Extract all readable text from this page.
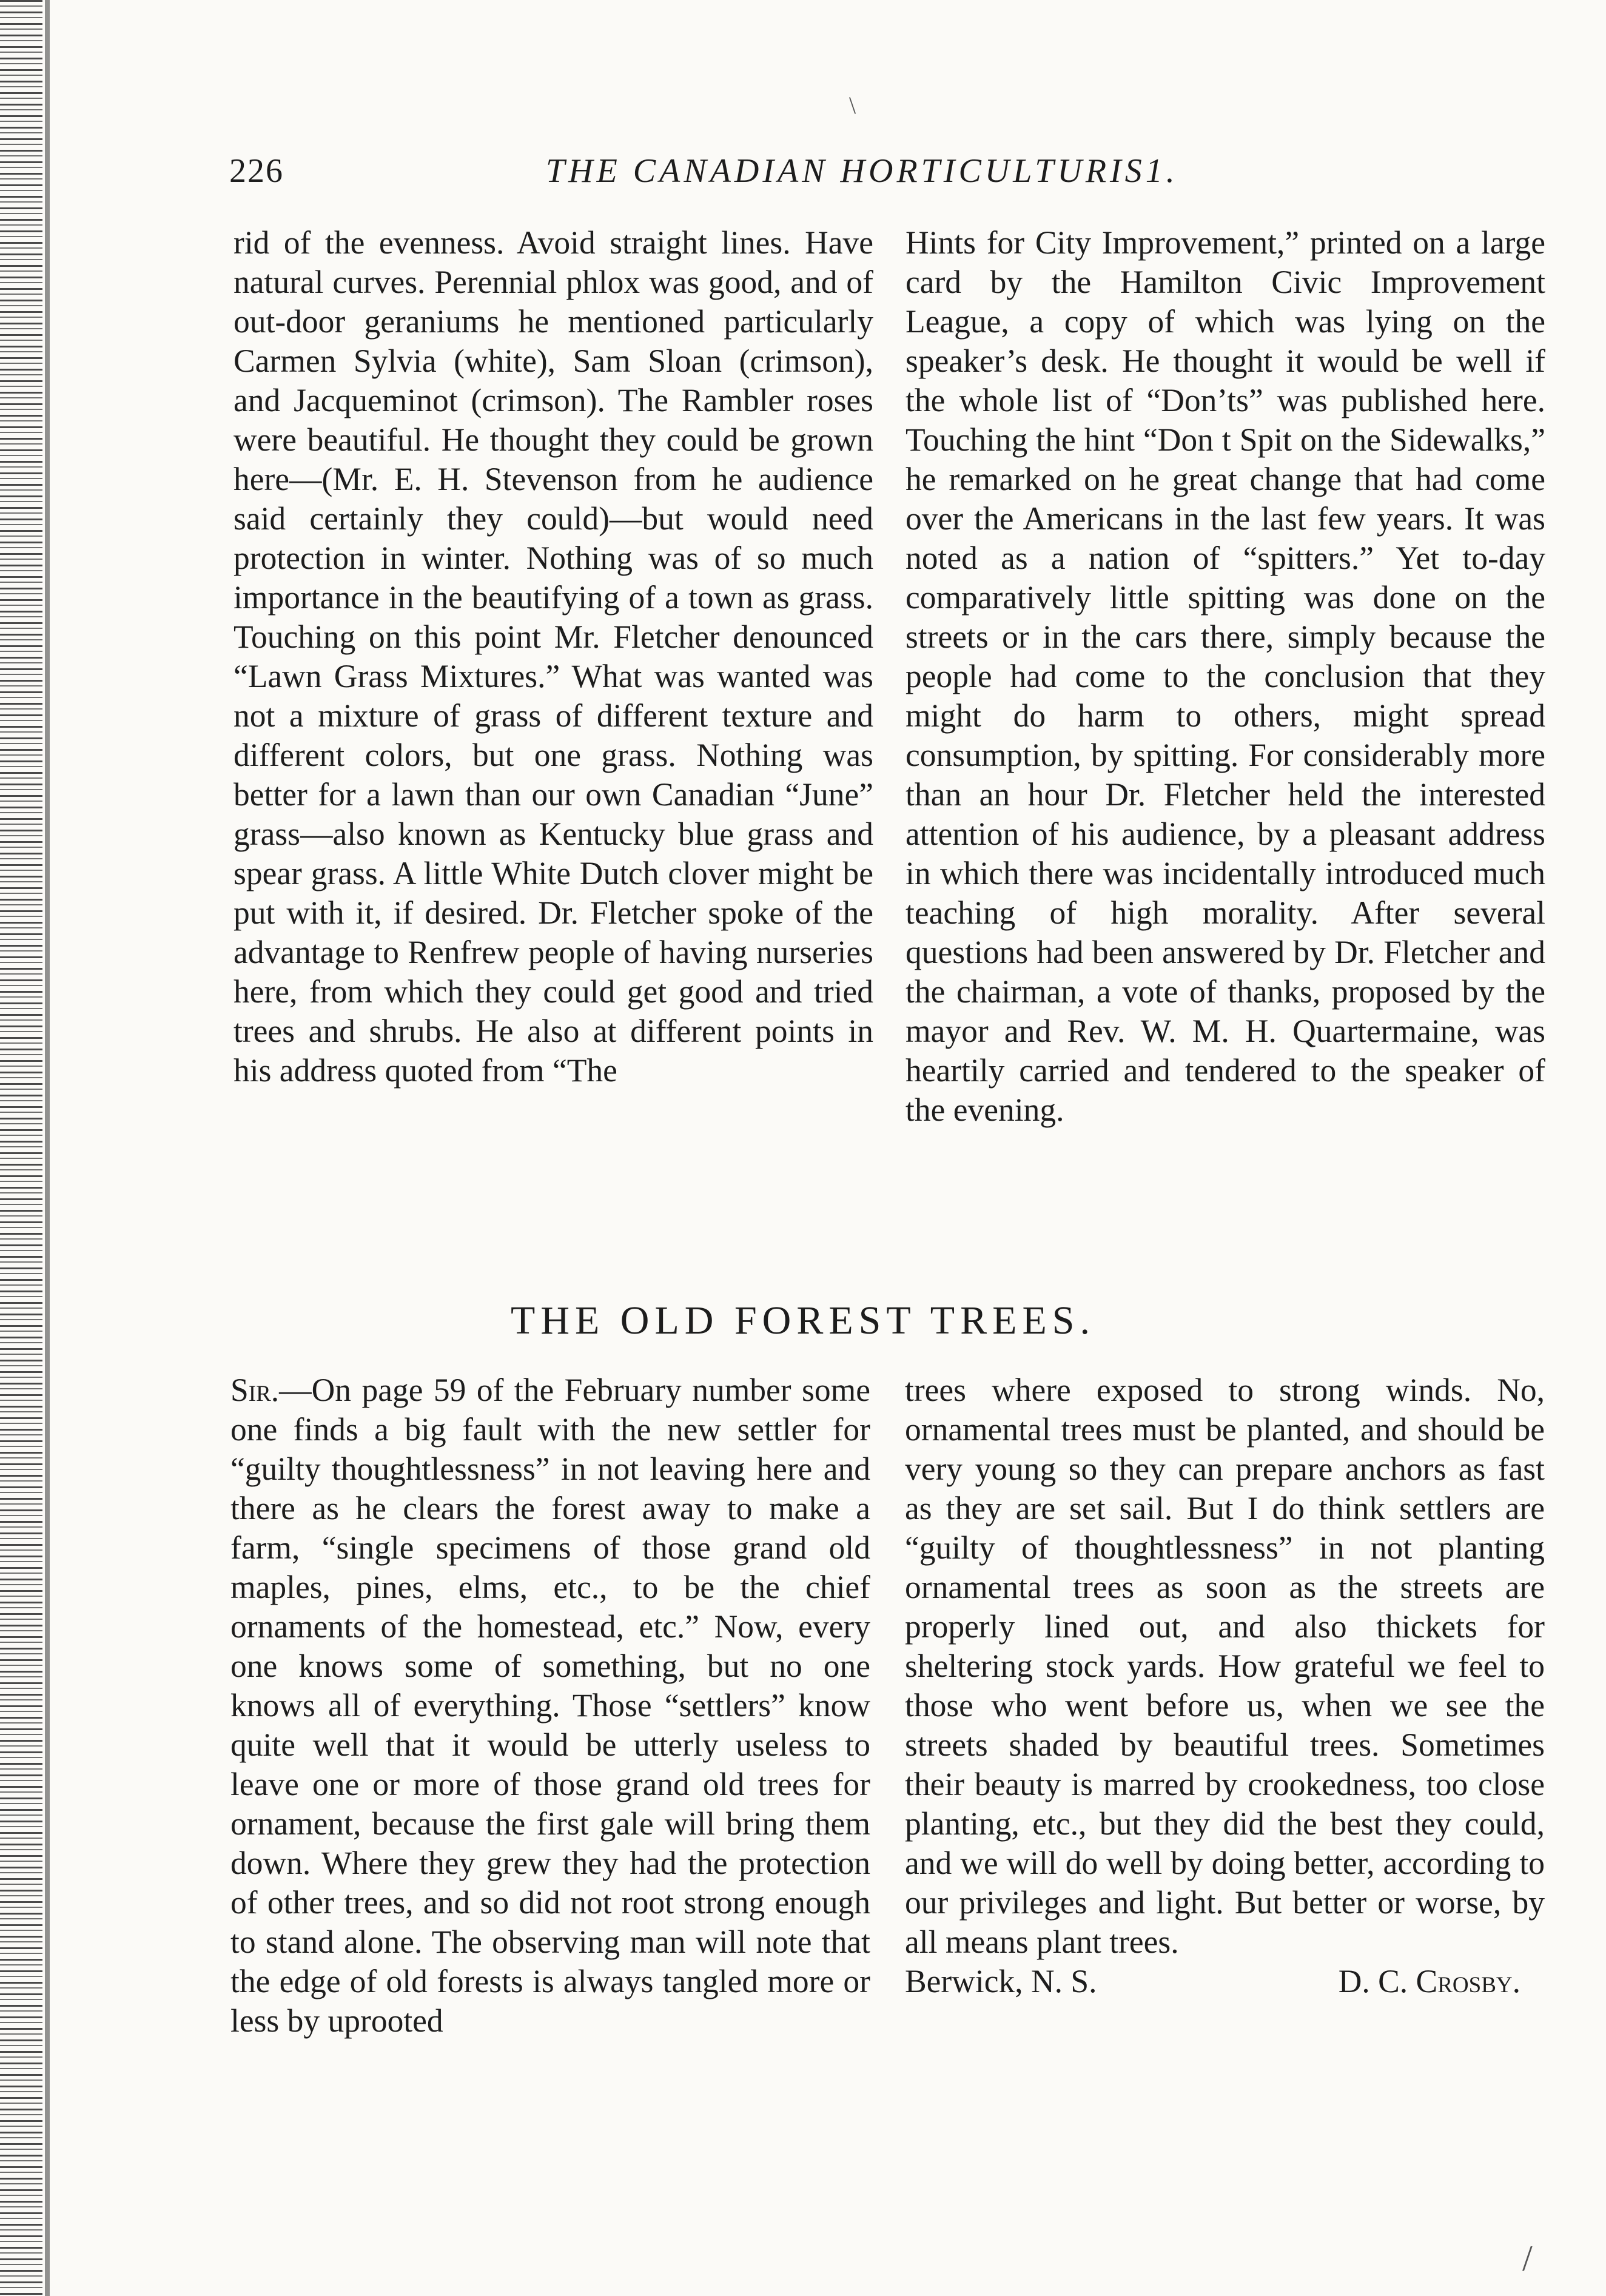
226	THE CANADIAN HORTICULTURIS1.

rid of the evenness. Avoid straight lines. Have natural curves. Perennial phlox was good, and of out-door geraniums he mentioned particularly Carmen Sylvia (white), Sam Sloan (crimson), and Jacqueminot (crimson). The Rambler roses were beautiful. He thought they could be grown here—(Mr. E. H. Stevenson from he audience said certainly they could)—but would need protection in winter. Nothing was of so much importance in the beautifying of a town as grass. Touching on this point Mr. Fletcher denounced “Lawn Grass Mixtures.” What was wanted was not a mixture of grass of different texture and different colors, but one grass. Nothing was better for a lawn than our own Canadian “June” grass—also known as Kentucky blue grass and spear grass. A little White Dutch clover might be put with it, if desired. Dr. Fletcher spoke of the advantage to Renfrew people of having nurseries here, from which they could get good and tried trees and shrubs. He also at different points in his address quoted from “The

Hints for City Improvement,” printed on a large card by the Hamilton Civic Improvement League, a copy of which was lying on the speaker’s desk. He thought it would be well if the whole list of “Don’ts” was published here. Touching the hint “Don t Spit on the Sidewalks,” he remarked on he great change that had come over the Americans in the last few years. It was noted as a nation of “spitters.” Yet to-day comparatively little spitting was done on the streets or in the cars there, simply because the people had come to the conclusion that they might do harm to others, might spread consumption, by spitting. For considerably more than an hour Dr. Fletcher held the interested attention of his audience, by a pleasant address in which there was incidentally introduced much teaching of high morality. After several questions had been answered by Dr. Fletcher and the chairman, a vote of thanks, proposed by the mayor and Rev. W. M. H. Quartermaine, was heartily carried and tendered to the speaker of the evening.

THE OLD FOREST TREES.

Sir.—On page 59 of the February number some one finds a big fault with the new settler for “guilty thoughtlessness” in not leaving here and there as he clears the forest away to make a farm, “single specimens of those grand old maples, pines, elms, etc., to be the chief ornaments of the homestead, etc.” Now, every one knows some of something, but no one knows all of everything. Those “settlers” know quite well that it would be utterly useless to leave one or more of those grand old trees for ornament, because the first gale will bring them down. Where they grew they had the protection of other trees, and so did not root strong enough to stand alone. The observing man will note that the edge of old forests is always tangled more or less by uprooted

trees where exposed to strong winds. No, ornamental trees must be planted, and should be very young so they can prepare anchors as fast as they are set sail. But I do think settlers are “guilty of thoughtlessness” in not planting ornamental trees as soon as the streets are properly lined out, and also thickets for sheltering stock yards. How grateful we feel to those who went before us, when we see the streets shaded by beautiful trees. Sometimes their beauty is marred by crookedness, too close planting, etc., but they did the best they could, and we will do well by doing better, according to our privileges and light. But better or worse, by all means plant trees.

Berwick, N. S.	D. C. Crosby.
\
/
